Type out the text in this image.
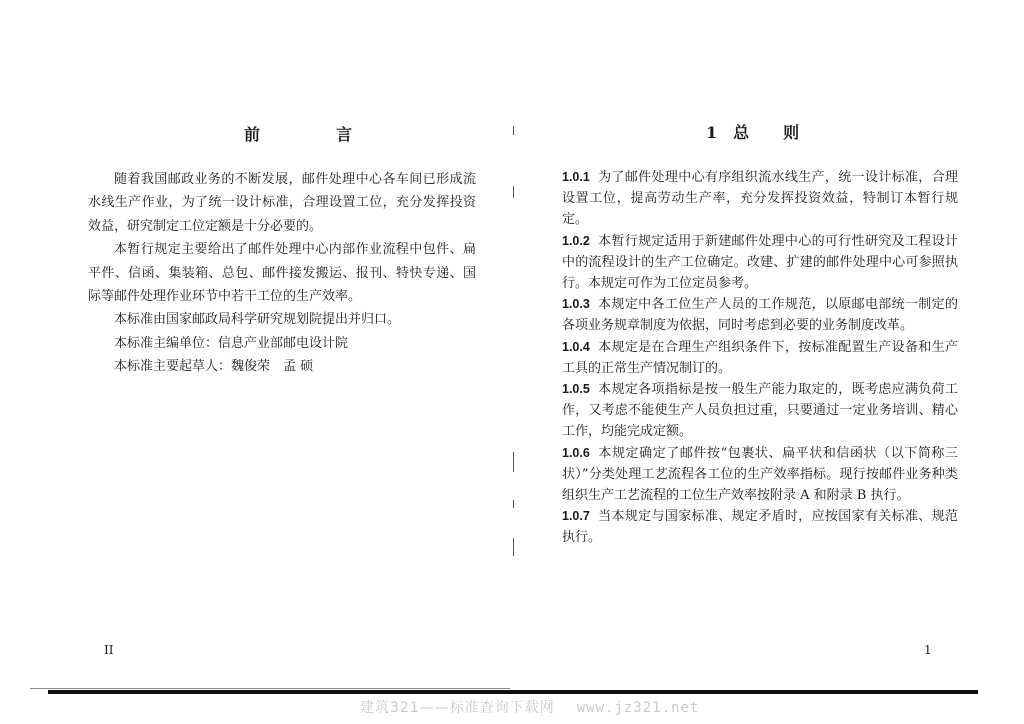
前　言

随着我国邮政业务的不断发展，邮件处理中心各车间已形成流水线生产作业，为了统一设计标准，合理设置工位，充分发挥投资效益，研究制定工位定额是十分必要的。

本暂行规定主要给出了邮件处理中心内部作业流程中包件、扁平件、信函、集装箱、总包、邮件接发搬运、报刊、特快专递、国际等邮件处理作业环节中若干工位的生产效率。

本标准由国家邮政局科学研究规划院提出并归口。

本标准主编单位：信息产业部邮电设计院

本标准主要起草人：魏俊荣　孟 硕

II
1 总 则

1.0.1 为了邮件处理中心有序组织流水线生产，统一设计标准，合理设置工位，提高劳动生产率，充分发挥投资效益，特制订本暂行规定。

1.0.2 本暂行规定适用于新建邮件处理中心的可行性研究及工程设计中的流程设计的生产工位确定。改建、扩建的邮件处理中心可参照执行。本规定可作为工位定员参考。

1.0.3 本规定中各工位生产人员的工作规范，以原邮电部统一制定的各项业务规章制度为依据，同时考虑到必要的业务制度改革。

1.0.4 本规定是在合理生产组织条件下，按标准配置生产设备和生产工具的正常生产情况制订的。

1.0.5 本规定各项指标是按一般生产能力取定的，既考虑应满负荷工作，又考虑不能使生产人员负担过重，只要通过一定业务培训、精心工作，均能完成定额。

1.0.6 本规定确定了邮件按“包裹状、扁平状和信函状（以下简称三状）”分类处理工艺流程各工位的生产效率指标。现行按邮件业务种类组织生产工艺流程的工位生产效率按附录 A 和附录 B 执行。

1.0.7 当本规定与国家标准、规定矛盾时，应按国家有关标准、规范执行。

1
建筑321——标准查询下载网 www.jz321.net
